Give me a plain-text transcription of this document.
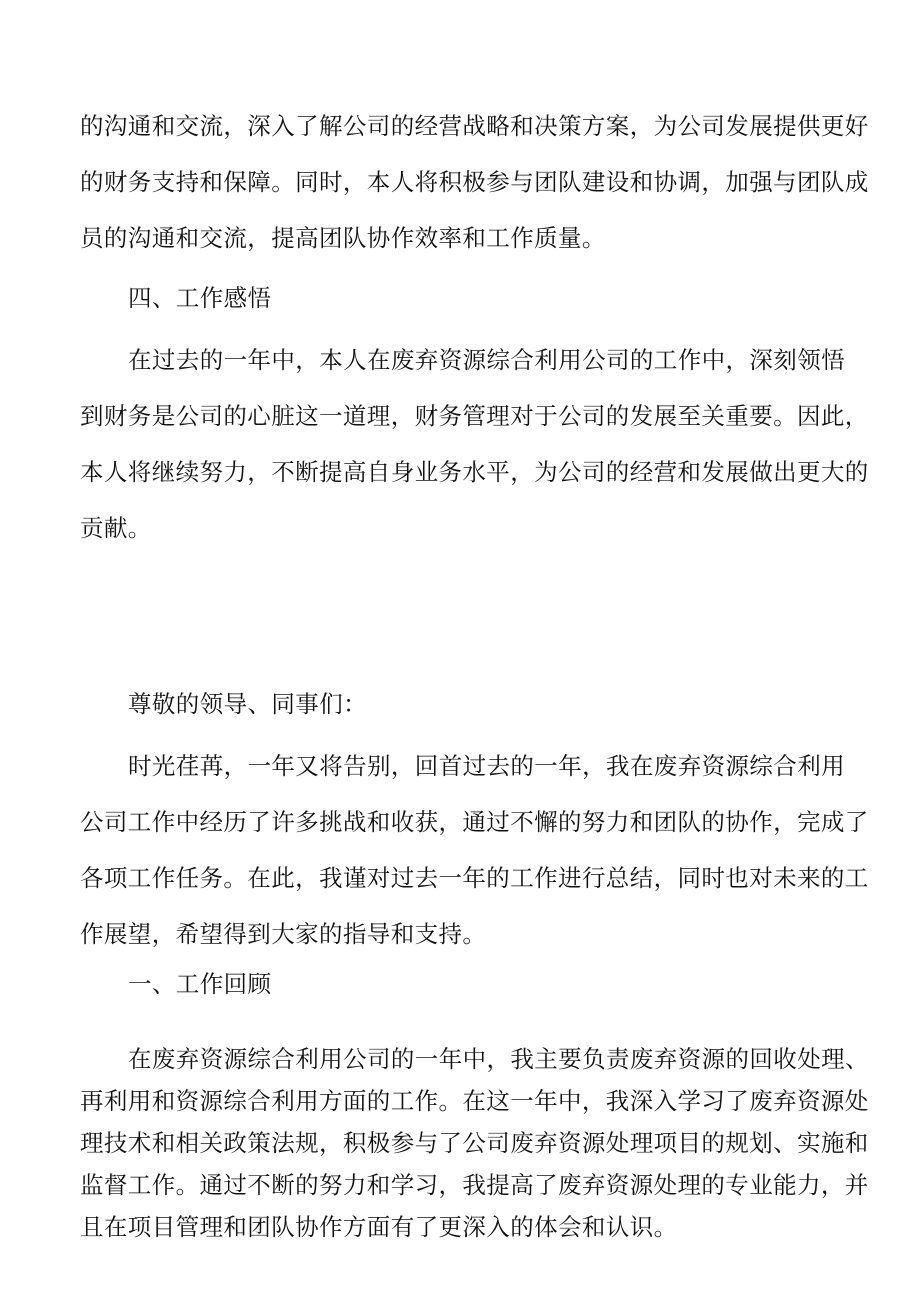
的沟通和交流，深入了解公司的经营战略和决策方案，为公司发展提供更好
的财务支持和保障。同时，本人将积极参与团队建设和协调，加强与团队成
员的沟通和交流，提高团队协作效率和工作质量。
四、工作感悟
在过去的一年中，本人在废弃资源综合利用公司的工作中，深刻领悟
到财务是公司的心脏这一道理，财务管理对于公司的发展至关重要。因此，
本人将继续努力，不断提高自身业务水平，为公司的经营和发展做出更大的
贡献。
尊敬的领导、同事们：
时光荏苒，一年又将告别，回首过去的一年，我在废弃资源综合利用
公司工作中经历了许多挑战和收获，通过不懈的努力和团队的协作，完成了
各项工作任务。在此，我谨对过去一年的工作进行总结，同时也对未来的工
作展望，希望得到大家的指导和支持。
一、工作回顾
在废弃资源综合利用公司的一年中，我主要负责废弃资源的回收处理、
再利用和资源综合利用方面的工作。在这一年中，我深入学习了废弃资源处
理技术和相关政策法规，积极参与了公司废弃资源处理项目的规划、实施和
监督工作。通过不断的努力和学习，我提高了废弃资源处理的专业能力，并
且在项目管理和团队协作方面有了更深入的体会和认识。
